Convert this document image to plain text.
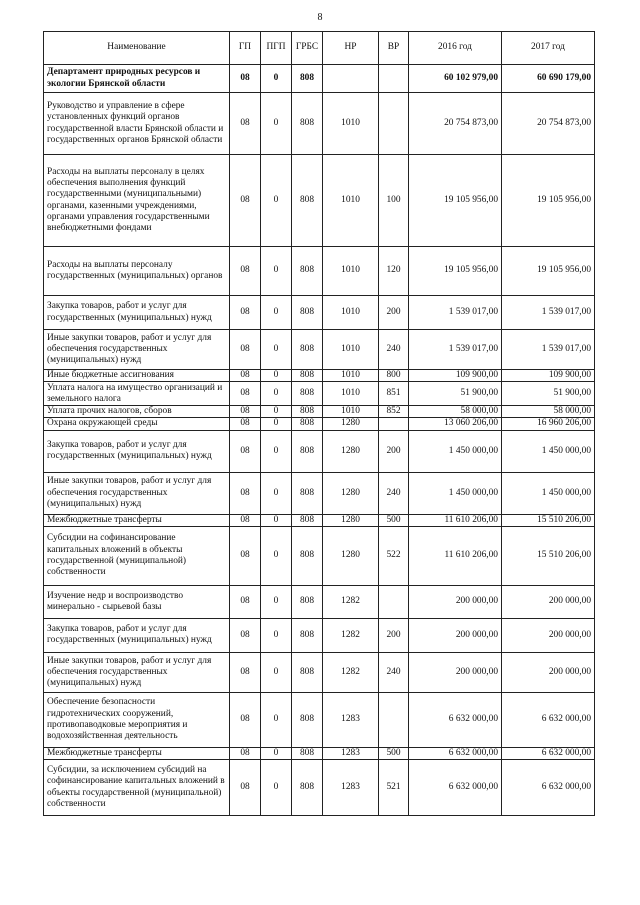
8
Наименование	ГП	ПГП	ГРБС	НР	ВР	2016 год	2017 год
Департамент природных ресурсов и экологии Брянской области	08	0	808			60 102 979,00	60 690 179,00
Руководство и управление в сфере установленных функций органов государственной власти Брянской области и государственных органов Брянской области	08	0	808	1010		20 754 873,00	20 754 873,00
Расходы на выплаты персоналу в целях обеспечения выполнения функций государственными (муниципальными) органами, казенными учреждениями, органами управления государственными внебюджетными фондами	08	0	808	1010	100	19 105 956,00	19 105 956,00
Расходы на выплаты персоналу государственных (муниципальных) органов	08	0	808	1010	120	19 105 956,00	19 105 956,00
Закупка товаров, работ и услуг для государственных (муниципальных) нужд	08	0	808	1010	200	1 539 017,00	1 539 017,00
Иные закупки товаров, работ и услуг для обеспечения государственных (муниципальных) нужд	08	0	808	1010	240	1 539 017,00	1 539 017,00
Иные бюджетные ассигнования	08	0	808	1010	800	109 900,00	109 900,00
Уплата налога на имущество организаций и земельного налога	08	0	808	1010	851	51 900,00	51 900,00
Уплата прочих налогов, сборов	08	0	808	1010	852	58 000,00	58 000,00
Охрана окружающей среды	08	0	808	1280		13 060 206,00	16 960 206,00
Закупка товаров, работ и услуг для государственных (муниципальных) нужд	08	0	808	1280	200	1 450 000,00	1 450 000,00
Иные закупки товаров, работ и услуг для обеспечения государственных (муниципальных) нужд	08	0	808	1280	240	1 450 000,00	1 450 000,00
Межбюджетные трансферты	08	0	808	1280	500	11 610 206,00	15 510 206,00
Субсидии на софинансирование капитальных вложений в объекты государственной (муниципальной) собственности	08	0	808	1280	522	11 610 206,00	15 510 206,00
Изучение недр и воспроизводство минерально - сырьевой базы	08	0	808	1282		200 000,00	200 000,00
Закупка товаров, работ и услуг для государственных (муниципальных) нужд	08	0	808	1282	200	200 000,00	200 000,00
Иные закупки товаров, работ и услуг для обеспечения государственных (муниципальных) нужд	08	0	808	1282	240	200 000,00	200 000,00
Обеспечение безопасности гидротехнических сооружений, противопаводковые мероприятия и водохозяйственная деятельность	08	0	808	1283		6 632 000,00	6 632 000,00
Межбюджетные трансферты	08	0	808	1283	500	6 632 000,00	6 632 000,00
Субсидии, за исключением субсидий на софинансирование капитальных вложений в объекты государственной (муниципальной) собственности	08	0	808	1283	521	6 632 000,00	6 632 000,00
